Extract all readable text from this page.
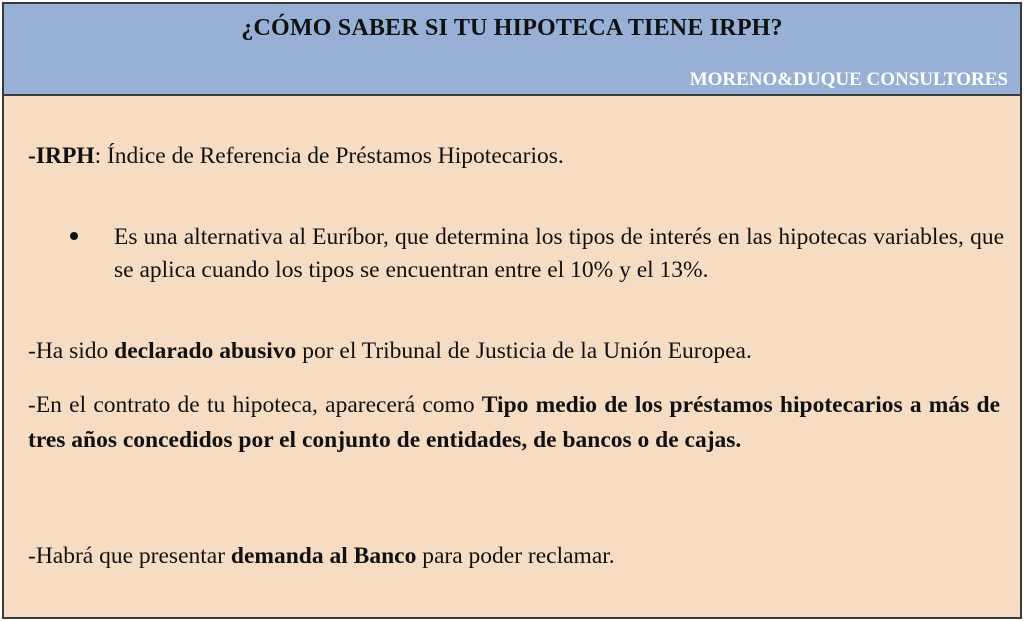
¿CÓMO SABER SI TU HIPOTECA TIENE IRPH?
MORENO&DUQUE CONSULTORES

-IRPH: Índice de Referencia de Préstamos Hipotecarios.

Es una alternativa al Euríbor, que determina los tipos de interés en las hipotecas variables, que se aplica cuando los tipos se encuentran entre el 10% y el 13%.

-Ha sido declarado abusivo por el Tribunal de Justicia de la Unión Europea.

-En el contrato de tu hipoteca, aparecerá como Tipo medio de los préstamos hipotecarios a más de tres años concedidos por el conjunto de entidades, de bancos o de cajas.

-Habrá que presentar demanda al Banco para poder reclamar.
